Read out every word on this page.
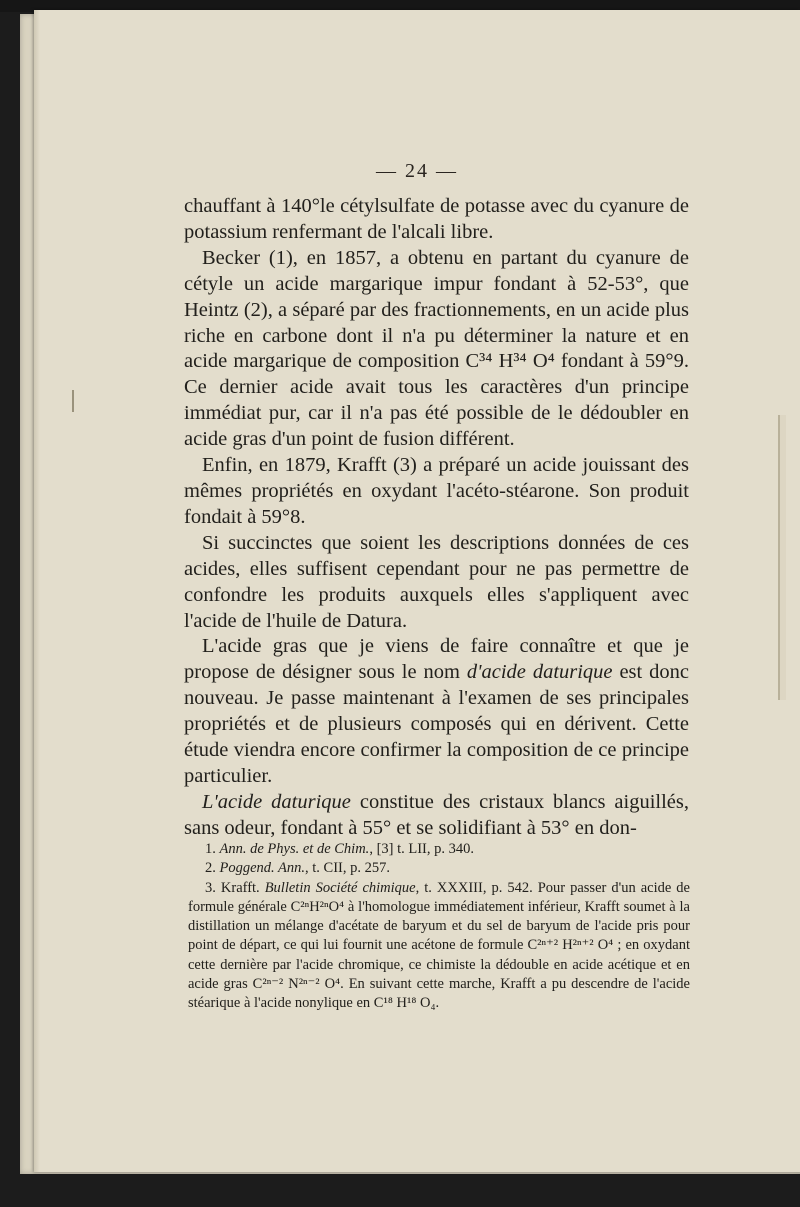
— 24 —

chauffant à 140°le cétylsulfate de potasse avec du cyanure de potassium renfermant de l'alcali libre.

Becker (1), en 1857, a obtenu en partant du cyanure de cétyle un acide margarique impur fondant à 52-53°, que Heintz (2), a séparé par des fractionnements, en un acide plus riche en carbone dont il n'a pu déterminer la nature et en acide margarique de composition C³⁴ H³⁴ O⁴ fondant à 59°9. Ce dernier acide avait tous les caractères d'un principe immédiat pur, car il n'a pas été possible de le dédoubler en acide gras d'un point de fusion différent.

Enfin, en 1879, Krafft (3) a préparé un acide jouissant des mêmes propriétés en oxydant l'acéto-stéarone. Son produit fondait à 59°8.

Si succinctes que soient les descriptions données de ces acides, elles suffisent cependant pour ne pas permettre de confondre les produits auxquels elles s'appliquent avec l'acide de l'huile de Datura.

L'acide gras que je viens de faire connaître et que je propose de désigner sous le nom d'acide daturique est donc nouveau. Je passe maintenant à l'examen de ses principales propriétés et de plusieurs composés qui en dérivent. Cette étude viendra encore confirmer la composition de ce principe particulier.

L'acide daturique constitue des cristaux blancs aiguillés, sans odeur, fondant à 55° et se solidifiant à 53° en don-

1. Ann. de Phys. et de Chim., [3] t. LII, p. 340.

2. Poggend. Ann., t. CII, p. 257.

3. Krafft. Bulletin Société chimique, t. XXXIII, p. 542. Pour passer d'un acide de formule générale C²ⁿH²ⁿO⁴ à l'homologue immédiatement inférieur, Krafft soumet à la distillation un mélange d'acétate de baryum et du sel de baryum de l'acide pris pour point de départ, ce qui lui fournit une acétone de formule C²ⁿ⁺² H²ⁿ⁺² O⁴ ; en oxydant cette dernière par l'acide chromique, ce chimiste la dédouble en acide acétique et en acide gras C²ⁿ⁻² N²ⁿ⁻² O⁴. En suivant cette marche, Krafft a pu descendre de l'acide stéarique à l'acide nonylique en C¹⁸ H¹⁸ O₄.
